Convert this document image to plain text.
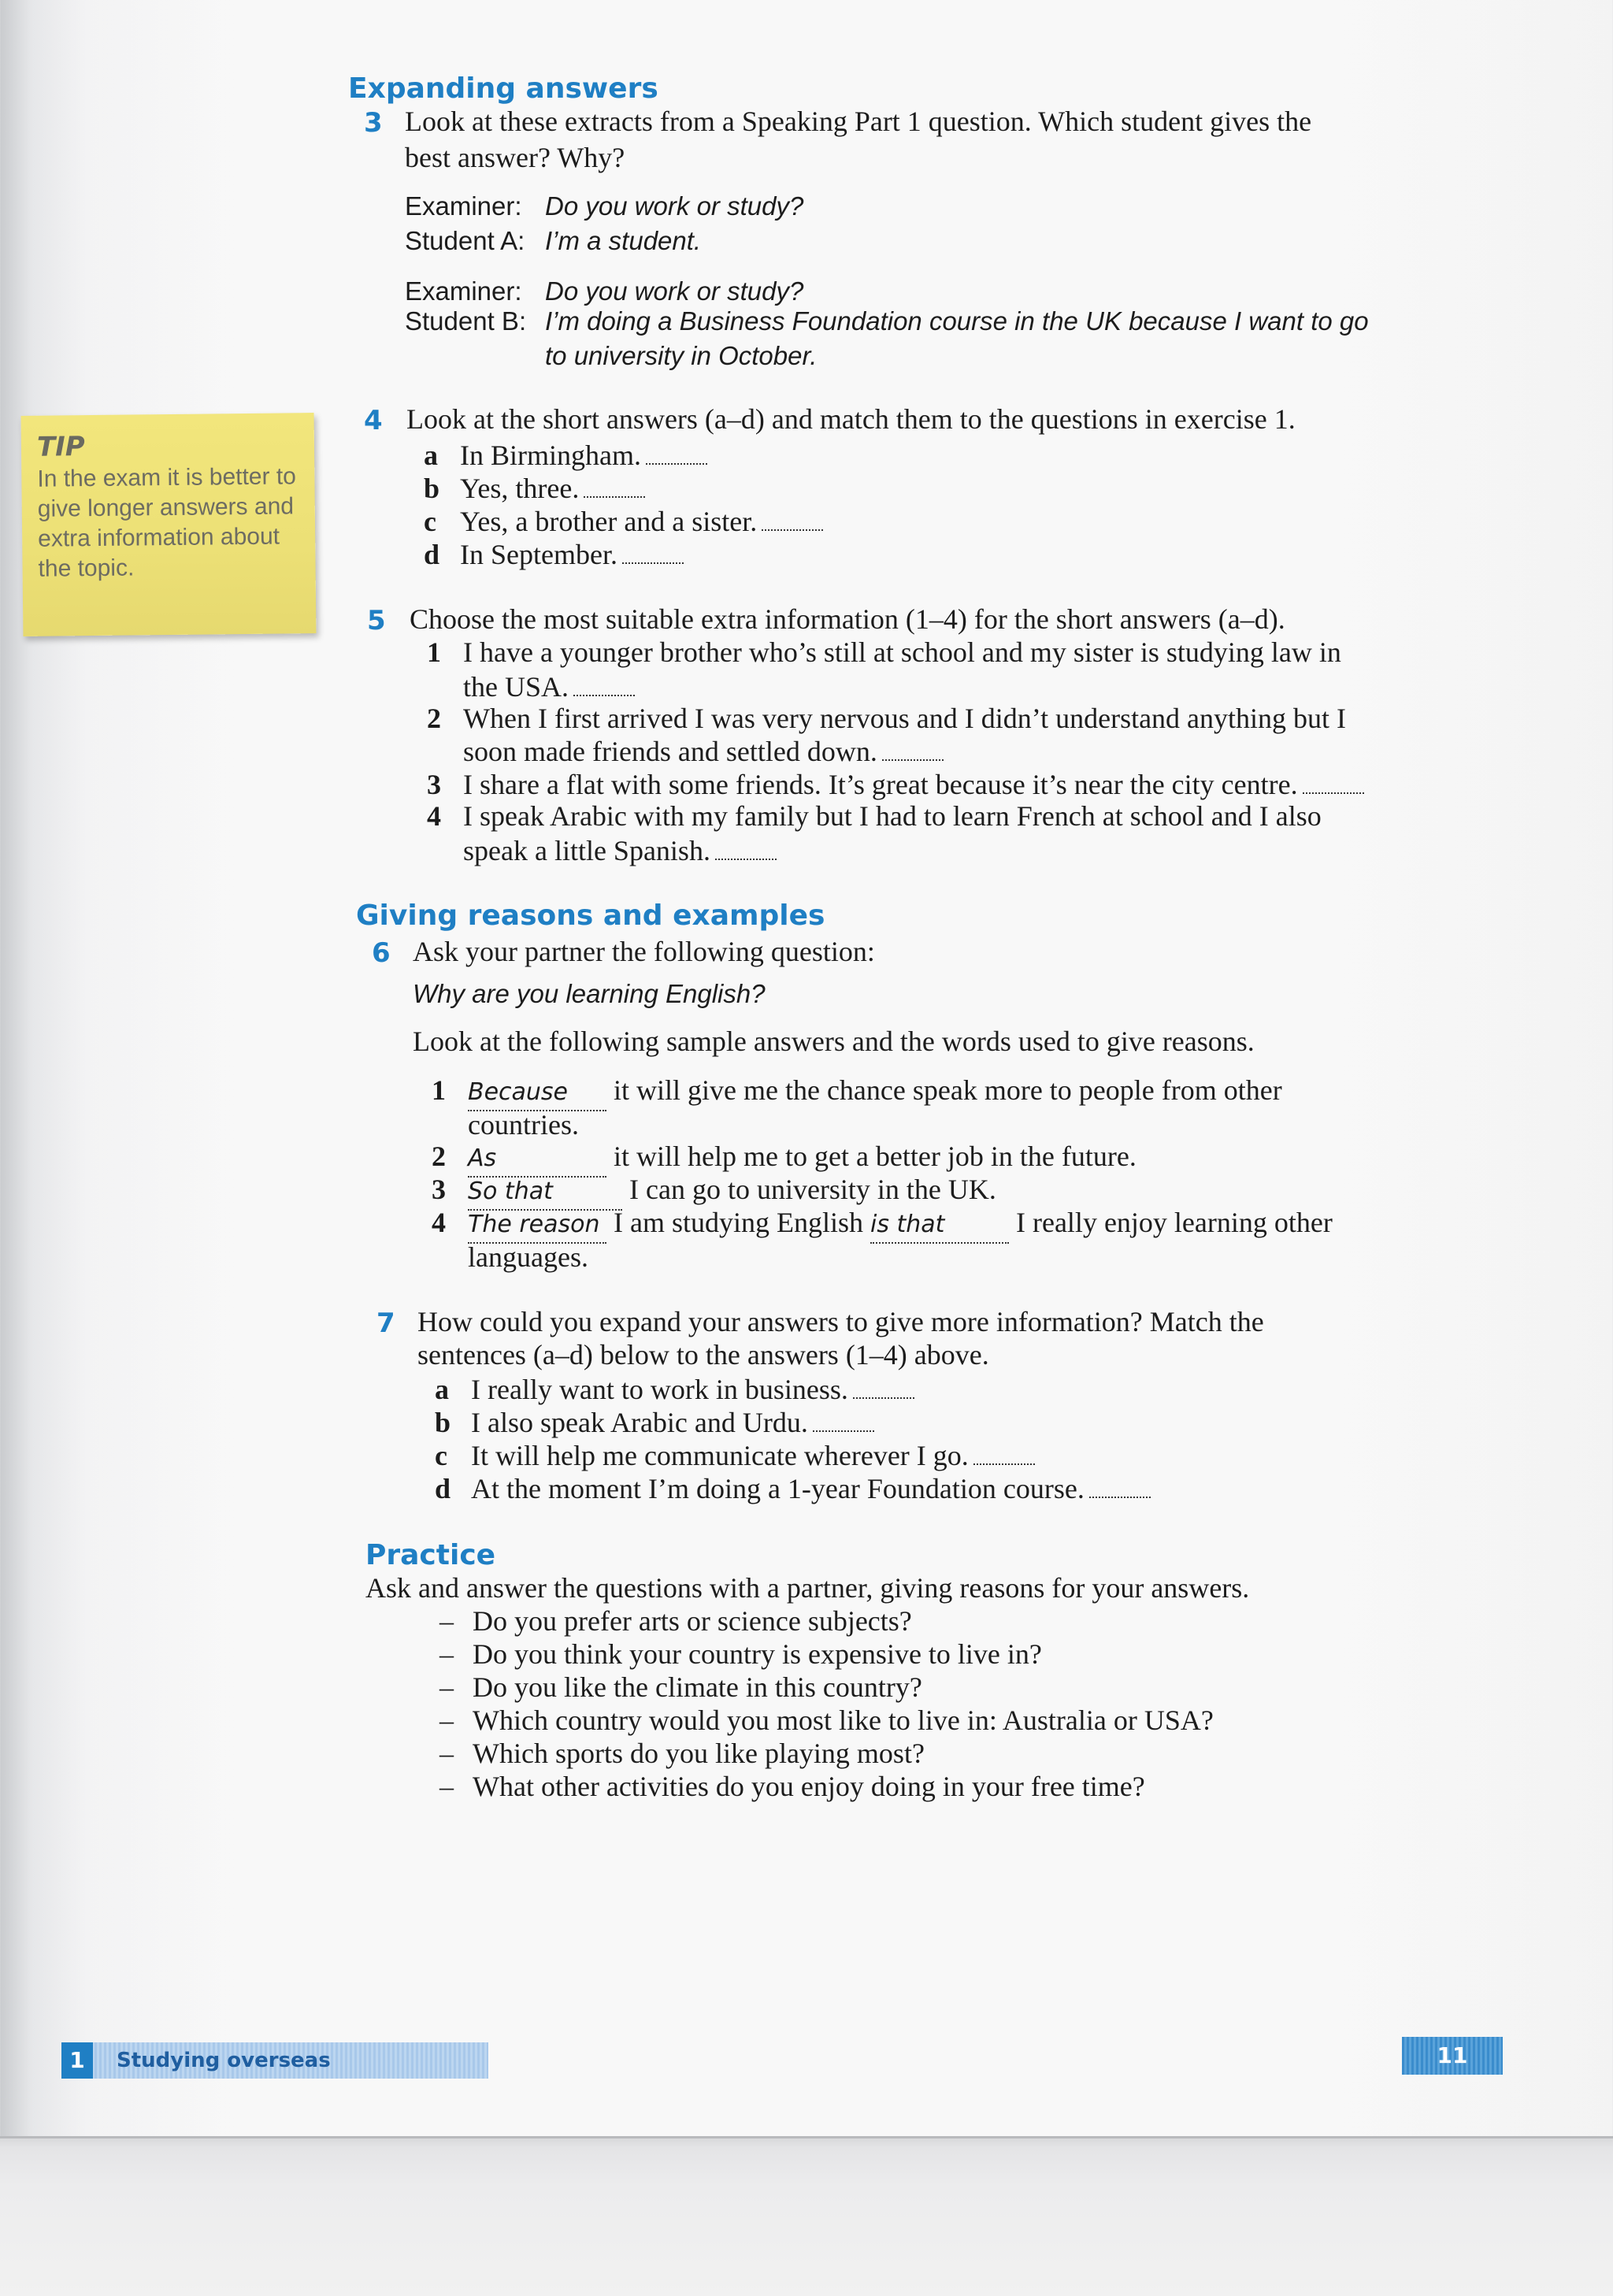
TIP
In the exam it is better to give longer answers and extra information about the topic.
Expanding answers
3 Look at these extracts from a Speaking Part 1 question. Which student gives the
best answer? Why?
Examiner: Do you work or study?
Student A: I’m a student.
Examiner: Do you work or study?
Student B: I’m doing a Business Foundation course in the UK because I want to go
to university in October.
4 Look at the short answers (a–d) and match them to the questions in exercise 1.
a In Birmingham.
b Yes, three.
c Yes, a brother and a sister.
d In September.
5 Choose the most suitable extra information (1–4) for the short answers (a–d).
1 I have a younger brother who’s still at school and my sister is studying law in
the USA.
2 When I first arrived I was very nervous and I didn’t understand anything but I
soon made friends and settled down.
3 I share a flat with some friends. It’s great because it’s near the city centre.
4 I speak Arabic with my family but I had to learn French at school and I also
speak a little Spanish.
Giving reasons and examples
6 Ask your partner the following question:
Why are you learning English?
Look at the following sample answers and the words used to give reasons.
1 Because it will give me the chance speak more to people from other
countries.
2 As	it will help me to get a better job in the future.
3 So that	I can go to university in the UK.
4 The reason I am studying English is that	I really enjoy learning other
languages.
7 How could you expand your answers to give more information? Match the
sentences (a–d) below to the answers (1–4) above.
a I really want to work in business.
b I also speak Arabic and Urdu.
c It will help me communicate wherever I go.
d At the moment I’m doing a 1-year Foundation course.
Practice
Ask and answer the questions with a partner, giving reasons for your answers.
– Do you prefer arts or science subjects?
– Do you think your country is expensive to live in?
– Do you like the climate in this country?
– Which country would you most like to live in: Australia or USA?
– Which sports do you like playing most?
– What other activities do you enjoy doing in your free time?
1	Studying overseas	11
